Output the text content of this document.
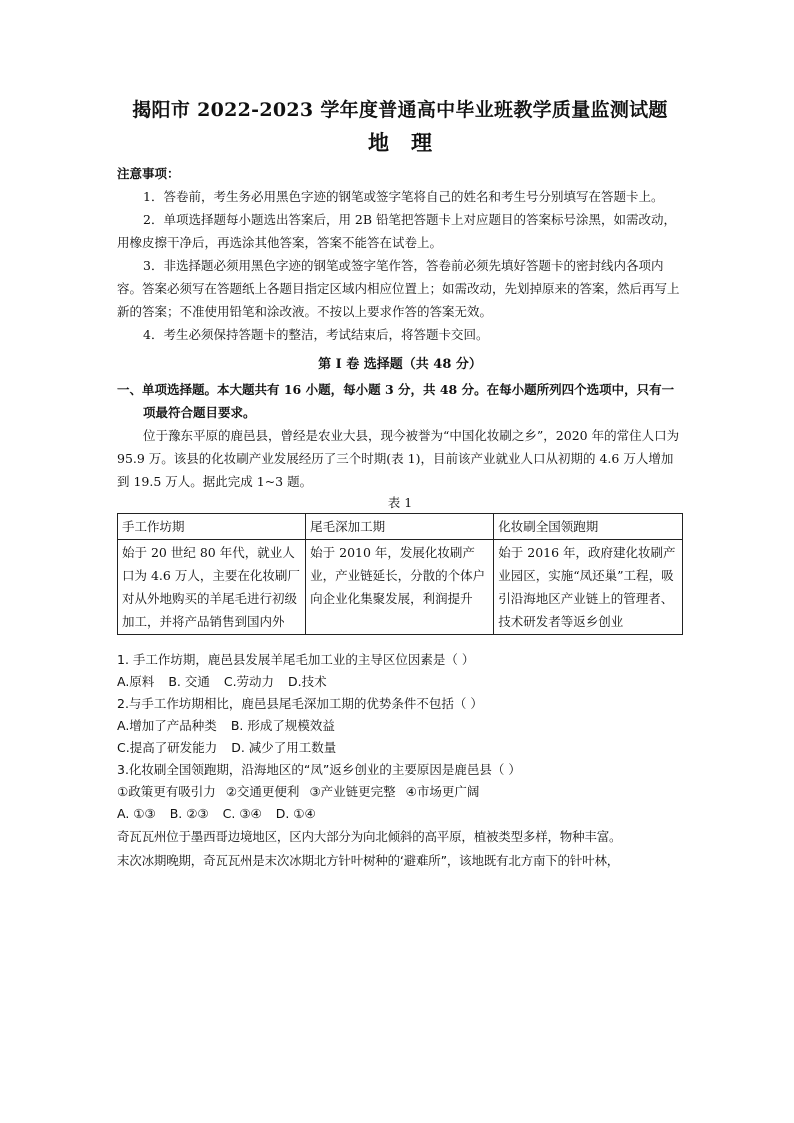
揭阳市 2022-2023 学年度普通高中毕业班教学质量监测试题
地理

注意事项：

1．答卷前，考生务必用黑色字迹的钢笔或签字笔将自己的姓名和考生号分别填写在答题卡上。

2．单项选择题每小题选出答案后，用 2B 铅笔把答题卡上对应题目的答案标号涂黑，如需改动，用橡皮擦干净后，再选涂其他答案，答案不能答在试卷上。

3．非选择题必须用黑色字迹的钢笔或签字笔作答，答卷前必须先填好答题卡的密封线内各项内容。答案必须写在答题纸上各题目指定区域内相应位置上；如需改动，先划掉原来的答案，然后再写上新的答案；不准使用铅笔和涂改液。不按以上要求作答的答案无效。

4．考生必须保持答题卡的整洁，考试结束后，将答题卡交回。

第 I 卷 选择题（共 48 分）

一、单项选择题。本大题共有 16 小题，每小题 3 分，共 48 分。在每小题所列四个选项中，只有一项最符合题目要求。

位于豫东平原的鹿邑县，曾经是农业大县，现今被誉为“中国化妆刷之乡”，2020 年的常住人口为 95.9 万。该县的化妆刷产业发展经历了三个时期(表 1)，目前该产业就业人口从初期的 4.6 万人增加到 19.5 万人。据此完成 1~3 题。

表 1

手工作坊期	尾毛深加工期	化妆刷全国领跑期
始于 20 世纪 80 年代，就业人口为 4.6 万人，主要在化妆刷厂对从外地购买的羊尾毛进行初级加工，并将产品销售到国内外	始于 2010 年，发展化妆刷产业，产业链延长，分散的个体户向企业化集聚发展，利润提升	始于 2016 年，政府建化妆刷产业园区，实施“凤还巢”工程，吸引沿海地区产业链上的管理者、技术研发者等返乡创业

1. 手工作坊期，鹿邑县发展羊尾毛加工业的主导区位因素是（ ）

A.原料 B. 交通 C.劳动力 D.技术

2.与手工作坊期相比，鹿邑县尾毛深加工期的优势条件不包括（ ）

A.增加了产品种类 B. 形成了规模效益

C.提高了研发能力 D. 减少了用工数量

3.化妆刷全国领跑期，沿海地区的“凤”返乡创业的主要原因是鹿邑县（ ）

①政策更有吸引力 ②交通更便利 ③产业链更完整 ④市场更广阔

A. ①③ B. ②③ C. ③④ D. ①④

奇瓦瓦州位于墨西哥边境地区，区内大部分为向北倾斜的高平原，植被类型多样，物种丰富。

末次冰期晚期，奇瓦瓦州是末次冰期北方针叶树种的‘避难所”，该地既有北方南下的针叶林，
